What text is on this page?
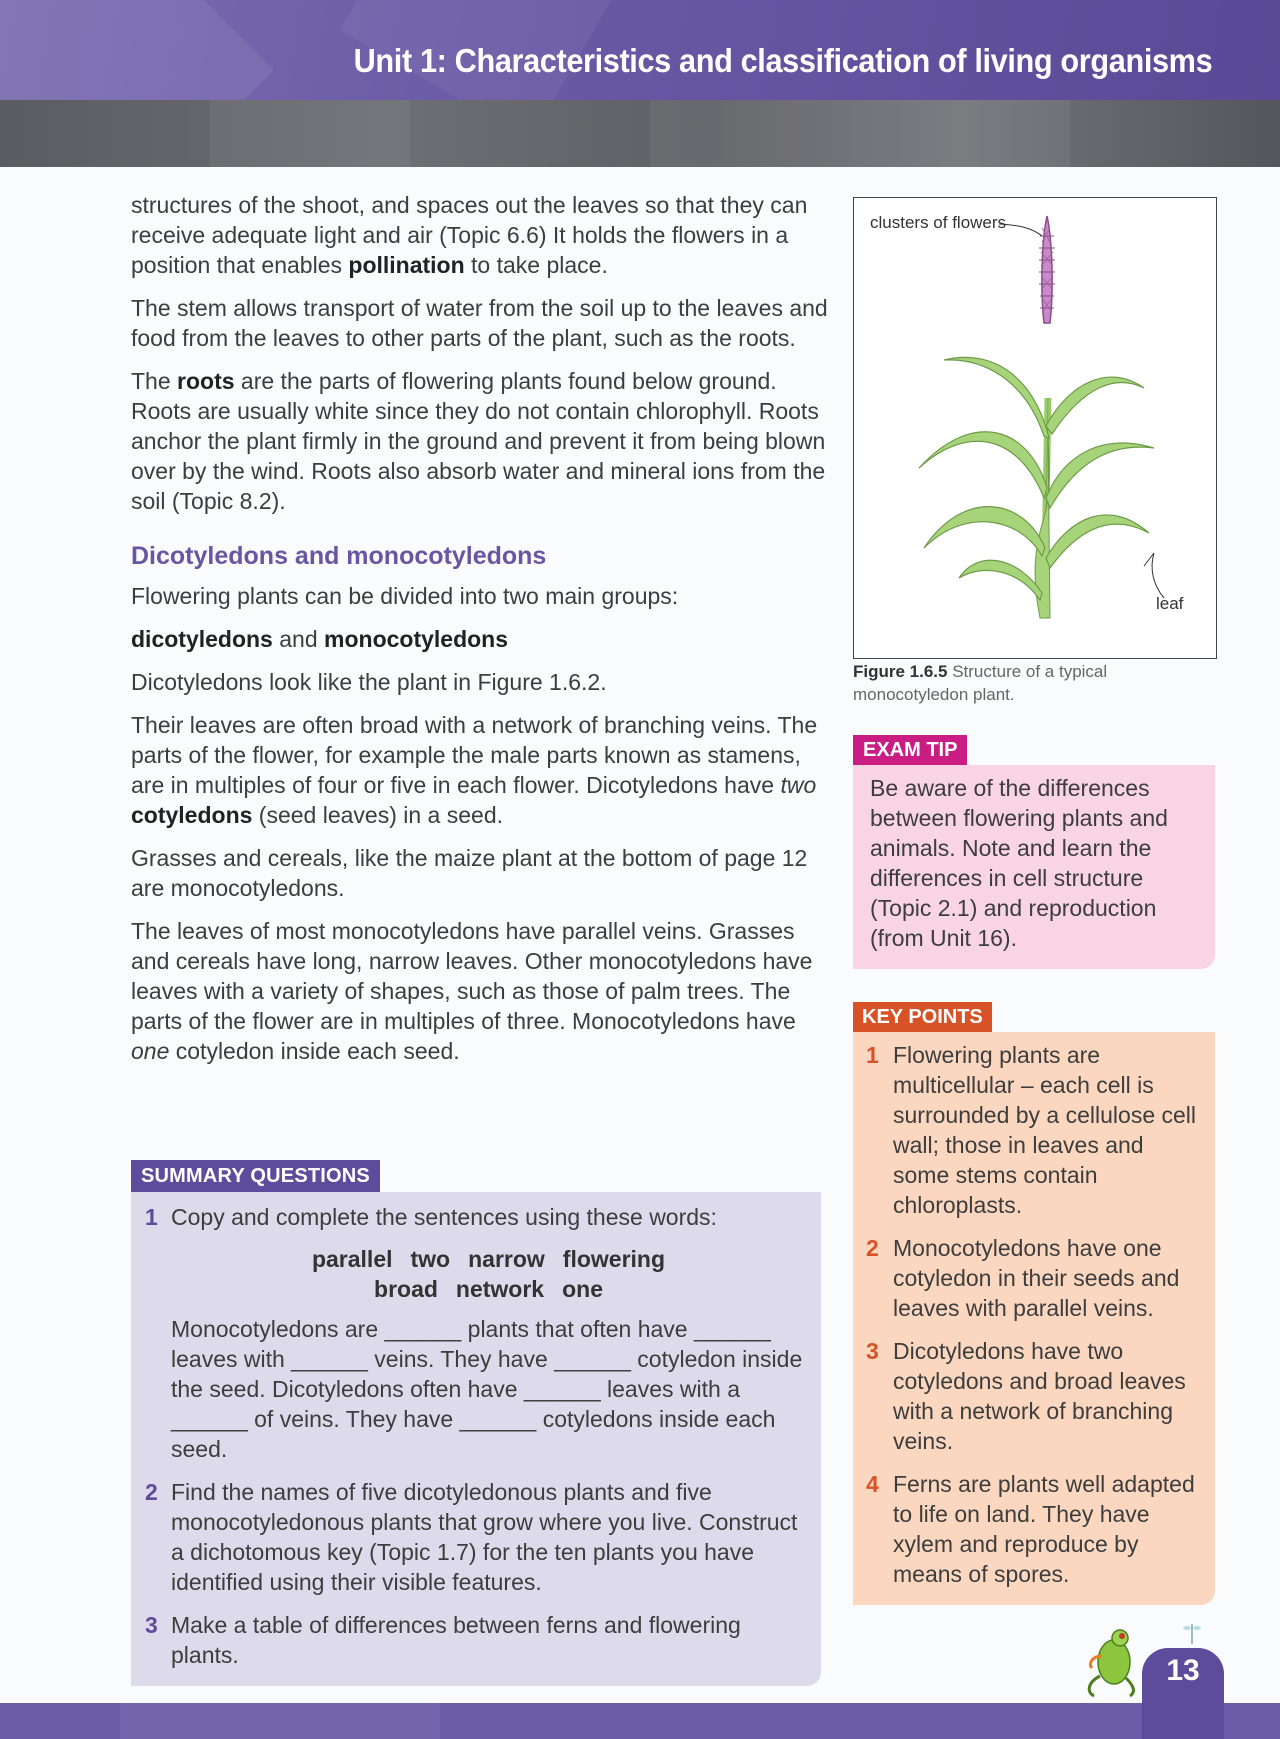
Unit 1: Characteristics and classification of living organisms

structures of the shoot, and spaces out the leaves so that they can receive adequate light and air (Topic 6.6) It holds the flowers in a position that enables pollination to take place.

The stem allows transport of water from the soil up to the leaves and food from the leaves to other parts of the plant, such as the roots.

The roots are the parts of flowering plants found below ground. Roots are usually white since they do not contain chlorophyll. Roots anchor the plant firmly in the ground and prevent it from being blown over by the wind. Roots also absorb water and mineral ions from the soil (Topic 8.2).

Dicotyledons and monocotyledons

Flowering plants can be divided into two main groups:

dicotyledons and monocotyledons

Dicotyledons look like the plant in Figure 1.6.2.

Their leaves are often broad with a network of branching veins. The parts of the flower, for example the male parts known as stamens, are in multiples of four or five in each flower. Dicotyledons have two cotyledons (seed leaves) in a seed.

Grasses and cereals, like the maize plant at the bottom of page 12 are monocotyledons.

The leaves of most monocotyledons have parallel veins. Grasses and cereals have long, narrow leaves. Other monocotyledons have leaves with a variety of shapes, such as those of palm trees. The parts of the flower are in multiples of three. Monocotyledons have one cotyledon inside each seed.

SUMMARY QUESTIONS
1 Copy and complete the sentences using these words:
parallel two narrow flowering
broad network one
Monocotyledons are ______ plants that often have ______ leaves with ______ veins. They have ______ cotyledon inside the seed. Dicotyledons often have ______ leaves with a ______ of veins. They have ______ cotyledons inside each seed.
2 Find the names of five dicotyledonous plants and five monocotyledonous plants that grow where you live. Construct a dichotomous key (Topic 1.7) for the ten plants you have identified using their visible features.
3 Make a table of differences between ferns and flowering plants.
clusters of flowers
leaf
Figure 1.6.5 Structure of a typical monocotyledon plant.
EXAM TIP
Be aware of the differences between flowering plants and animals. Note and learn the differences in cell structure (Topic 2.1) and reproduction (from Unit 16).
KEY POINTS
1 Flowering plants are multicellular – each cell is surrounded by a cellulose cell wall; those in leaves and some stems contain chloroplasts.
2 Monocotyledons have one cotyledon in their seeds and leaves with parallel veins.
3 Dicotyledons have two cotyledons and broad leaves with a network of branching veins.
4 Ferns are plants well adapted to life on land. They have xylem and reproduce by means of spores.
13
